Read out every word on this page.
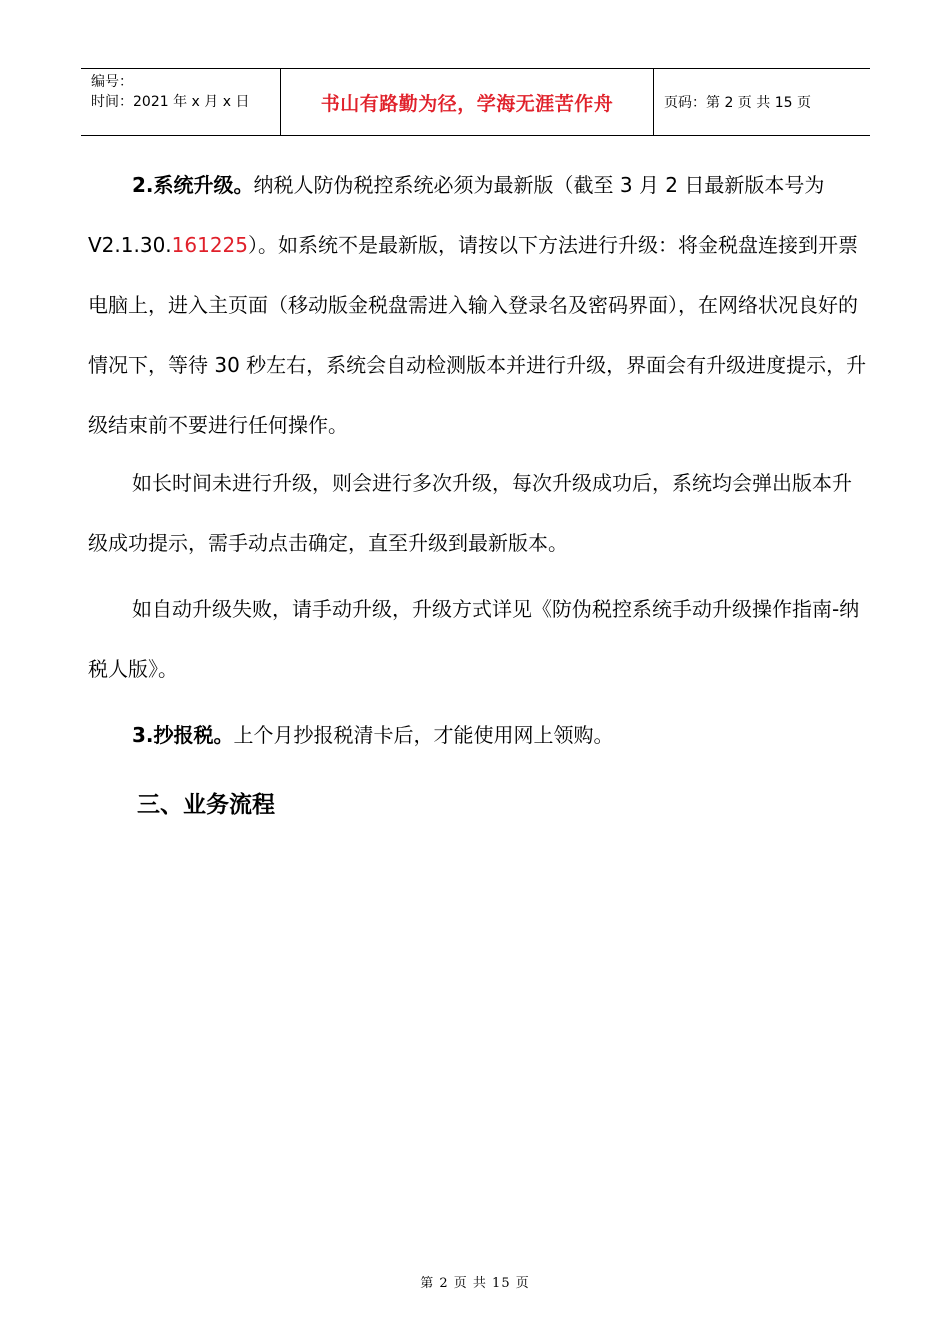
编号：
时间：2021 年 x 月 x 日	书山有路勤为径，学海无涯苦作舟	页码：第 2 页 共 15 页

2.系统升级。纳税人防伪税控系统必须为最新版（截至 3 月 2 日最新版本号为 V2.1.30.161225）。如系统不是最新版，请按以下方法进行升级：将金税盘连接到开票电脑上，进入主页面（移动版金税盘需进入输入登录名及密码界面），在网络状况良好的情况下，等待 30 秒左右，系统会自动检测版本并进行升级，界面会有升级进度提示，升级结束前不要进行任何操作。

如长时间未进行升级，则会进行多次升级，每次升级成功后，系统均会弹出版本升级成功提示，需手动点击确定，直至升级到最新版本。

如自动升级失败，请手动升级，升级方式详见《防伪税控系统手动升级操作指南-纳税人版》。

3.抄报税。上个月抄报税清卡后，才能使用网上领购。

三、业务流程
第 2 页 共 15 页
